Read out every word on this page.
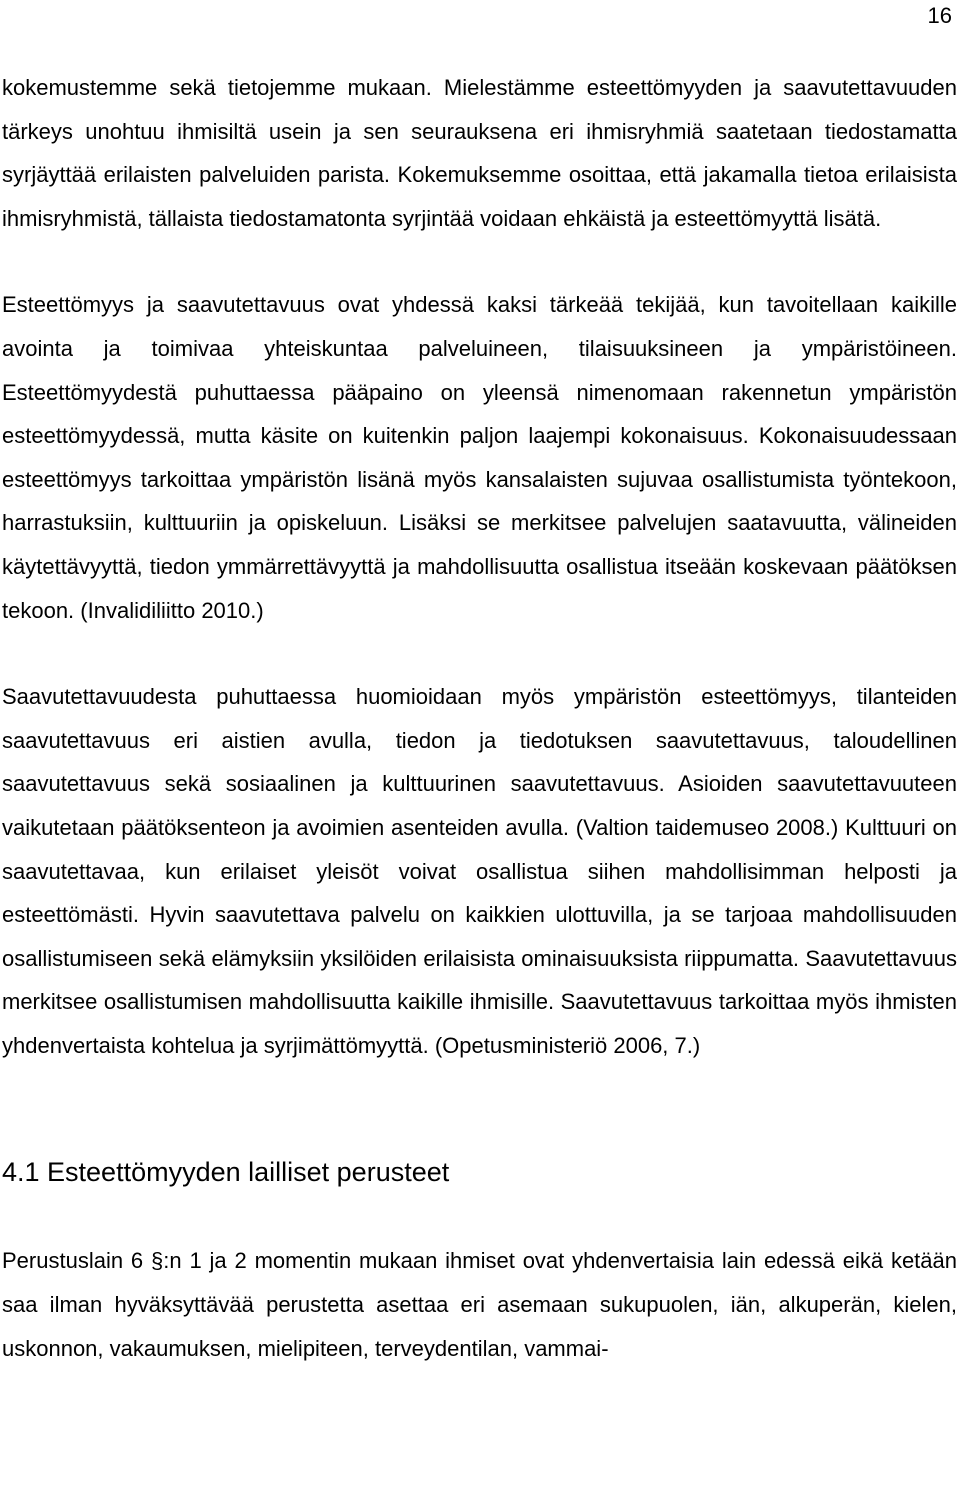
16

kokemustemme sekä tietojemme mukaan. Mielestämme esteettömyyden ja saavutettavuuden tärkeys unohtuu ihmisiltä usein ja sen seurauksena eri ihmisryhmiä saatetaan tiedostamatta syrjäyttää erilaisten palveluiden parista. Kokemuksemme osoittaa, että jakamalla tietoa erilaisista ihmisryhmistä, tällaista tiedostamatonta syrjintää voidaan ehkäistä ja esteettömyyttä lisätä.

Esteettömyys ja saavutettavuus ovat yhdessä kaksi tärkeää tekijää, kun tavoitellaan kaikille avointa ja toimivaa yhteiskuntaa palveluineen, tilaisuuksineen ja ympäristöineen. Esteettömyydestä puhuttaessa pääpaino on yleensä nimenomaan rakennetun ympäristön esteettömyydessä, mutta käsite on kuitenkin paljon laajempi kokonaisuus. Kokonaisuudessaan esteettömyys tarkoittaa ympäristön lisänä myös kansalaisten sujuvaa osallistumista työntekoon, harrastuksiin, kulttuuriin ja opiskeluun. Lisäksi se merkitsee palvelujen saatavuutta, välineiden käytettävyyttä, tiedon ymmärrettävyyttä ja mahdollisuutta osallistua itseään koskevaan päätöksen tekoon. (Invalidiliitto 2010.)

Saavutettavuudesta puhuttaessa huomioidaan myös ympäristön esteettömyys, tilanteiden saavutettavuus eri aistien avulla, tiedon ja tiedotuksen saavutettavuus, taloudellinen saavutettavuus sekä sosiaalinen ja kulttuurinen saavutettavuus. Asioiden saavutettavuuteen vaikutetaan päätöksenteon ja avoimien asenteiden avulla. (Valtion taidemuseo 2008.) Kulttuuri on saavutettavaa, kun erilaiset yleisöt voivat osallistua siihen mahdollisimman helposti ja esteettömästi. Hyvin saavutettava palvelu on kaikkien ulottuvilla, ja se tarjoaa mahdollisuuden osallistumiseen sekä elämyksiin yksilöiden erilaisista ominaisuuksista riippumatta. Saavutettavuus merkitsee osallistumisen mahdollisuutta kaikille ihmisille. Saavutettavuus tarkoittaa myös ihmisten yhdenvertaista kohtelua ja syrjimättömyyttä. (Opetusministeriö 2006, 7.)

4.1 Esteettömyyden lailliset perusteet

Perustuslain 6 §:n 1 ja 2 momentin mukaan ihmiset ovat yhdenvertaisia lain edessä eikä ketään saa ilman hyväksyttävää perustetta asettaa eri asemaan sukupuolen, iän, alkuperän, kielen, uskonnon, vakaumuksen, mielipiteen, terveydentilan, vammai-
